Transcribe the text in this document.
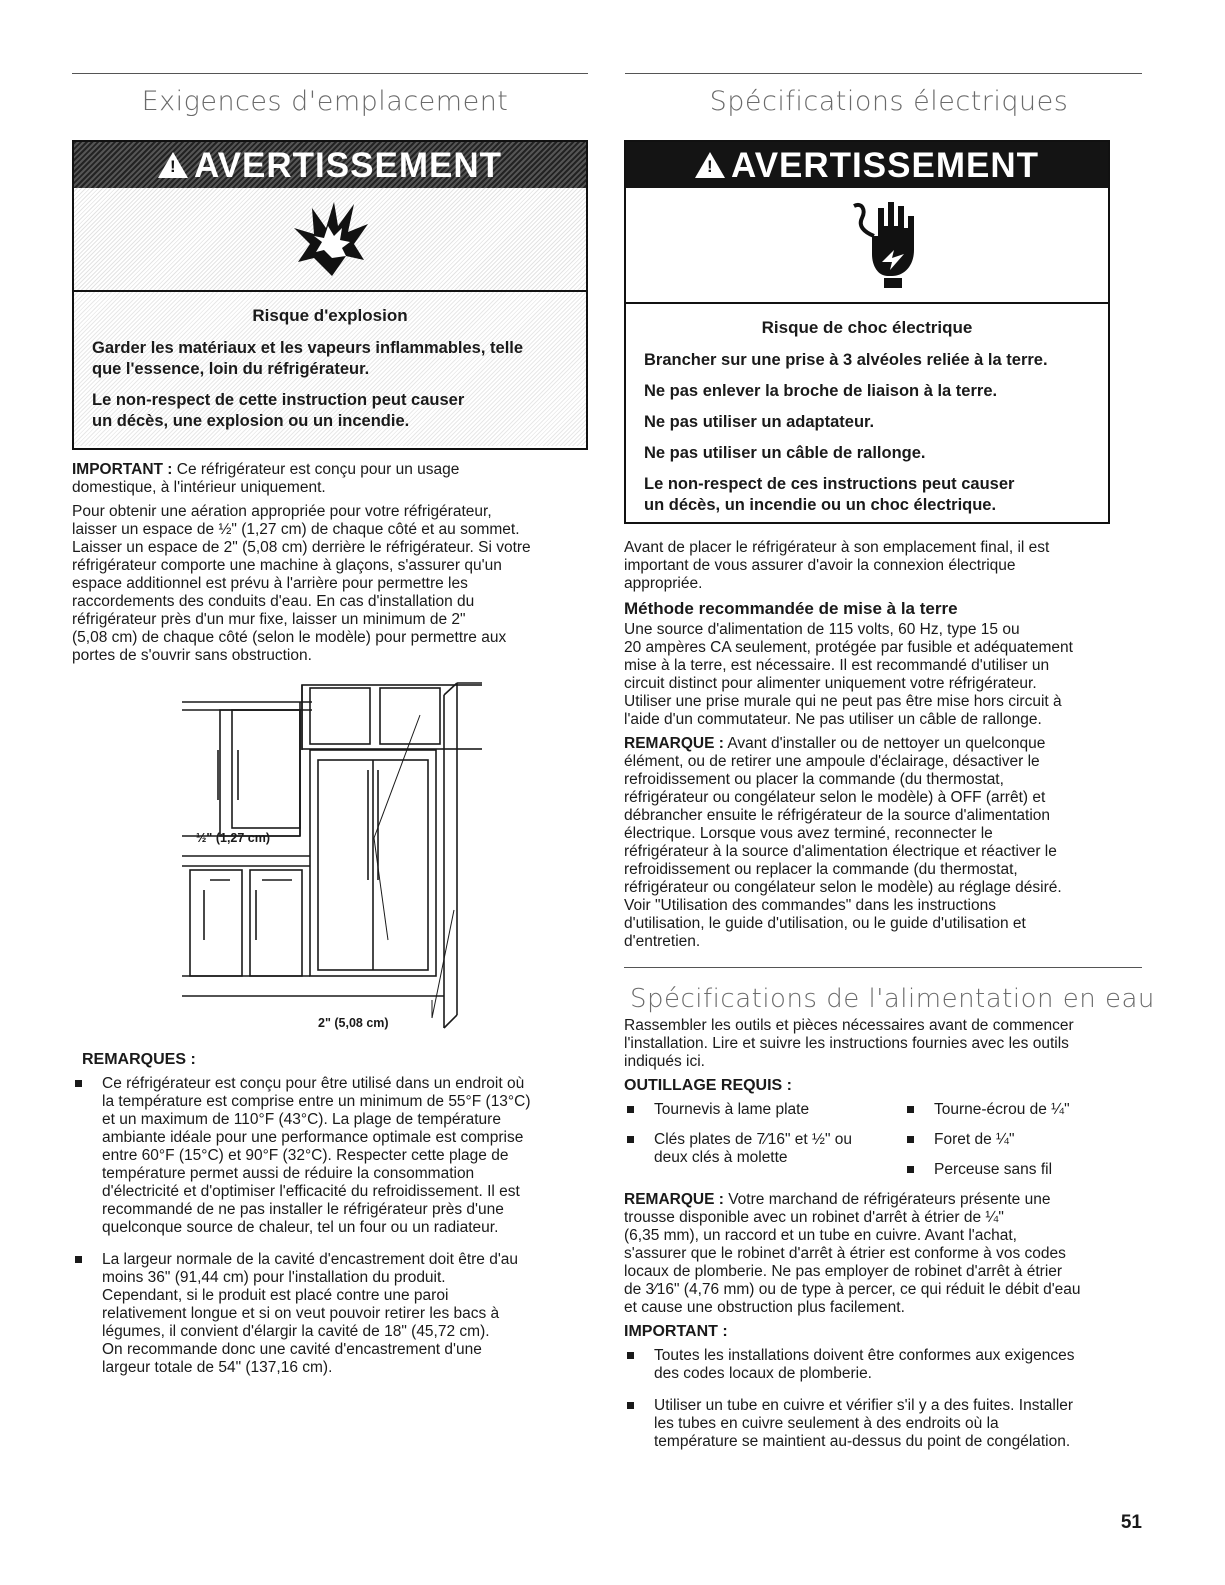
Exigences d'emplacement
!AVERTISSEMENT
Risque d'explosion
Garder les matériaux et les vapeurs inflammables, telle
que l'essence, loin du réfrigérateur.
Le non-respect de cette instruction peut causer
un décès, une explosion ou un incendie.

IMPORTANT : Ce réfrigérateur est conçu pour un usage
domestique, à l'intérieur uniquement.

Pour obtenir une aération appropriée pour votre réfrigérateur,
laisser un espace de ½" (1,27 cm) de chaque côté et au sommet.
Laisser un espace de 2" (5,08 cm) derrière le réfrigérateur. Si votre
réfrigérateur comporte une machine à glaçons, s'assurer qu'un
espace additionnel est prévu à l'arrière pour permettre les
raccordements des conduits d'eau. En cas d'installation du
réfrigérateur près d'un mur fixe, laisser un minimum de 2"
(5,08 cm) de chaque côté (selon le modèle) pour permettre aux
portes de s'ouvrir sans obstruction.

½" (1,27 cm)
2" (5,08 cm)
REMARQUES :
Ce réfrigérateur est conçu pour être utilisé dans un endroit où
la température est comprise entre un minimum de 55°F (13°C)
et un maximum de 110°F (43°C). La plage de température
ambiante idéale pour une performance optimale est comprise
entre 60°F (15°C) et 90°F (32°C). Respecter cette plage de
température permet aussi de réduire la consommation
d'électricité et d'optimiser l'efficacité du refroidissement. Il est
recommandé de ne pas installer le réfrigérateur près d'une
quelconque source de chaleur, tel un four ou un radiateur.
La largeur normale de la cavité d'encastrement doit être d'au
moins 36" (91,44 cm) pour l'installation du produit.
Cependant, si le produit est placé contre une paroi
relativement longue et si on veut pouvoir retirer les bacs à
légumes, il convient d'élargir la cavité de 18" (45,72 cm).
On recommande donc une cavité d'encastrement d'une
largeur totale de 54" (137,16 cm).
Spécifications électriques
!AVERTISSEMENT
Risque de choc électrique
Brancher sur une prise à 3 alvéoles reliée à la terre.
Ne pas enlever la broche de liaison à la terre.
Ne pas utiliser un adaptateur.
Ne pas utiliser un câble de rallonge.
Le non-respect de ces instructions peut causer
un décès, un incendie ou un choc électrique.

Avant de placer le réfrigérateur à son emplacement final, il est
important de vous assurer d'avoir la connexion électrique
appropriée.

Méthode recommandée de mise à la terre

Une source d'alimentation de 115 volts, 60 Hz, type 15 ou
20 ampères CA seulement, protégée par fusible et adéquatement
mise à la terre, est nécessaire. Il est recommandé d'utiliser un
circuit distinct pour alimenter uniquement votre réfrigérateur.
Utiliser une prise murale qui ne peut pas être mise hors circuit à
l'aide d'un commutateur. Ne pas utiliser un câble de rallonge.

REMARQUE : Avant d'installer ou de nettoyer un quelconque
élément, ou de retirer une ampoule d'éclairage, désactiver le
refroidissement ou placer la commande (du thermostat,
réfrigérateur ou congélateur selon le modèle) à OFF (arrêt) et
débrancher ensuite le réfrigérateur de la source d'alimentation
électrique. Lorsque vous avez terminé, reconnecter le
réfrigérateur à la source d'alimentation électrique et réactiver le
refroidissement ou replacer la commande (du thermostat,
réfrigérateur ou congélateur selon le modèle) au réglage désiré.
Voir "Utilisation des commandes" dans les instructions
d'utilisation, le guide d'utilisation, ou le guide d'utilisation et
d'entretien.

Spécifications de l'alimentation en eau

Rassembler les outils et pièces nécessaires avant de commencer
l'installation. Lire et suivre les instructions fournies avec les outils
indiqués ici.

OUTILLAGE REQUIS :
Tournevis à lame plate
Clés plates de 7⁄16" et ½" ou
deux clés à molette
Tourne-écrou de ¼"
Foret de ¼"
Perceuse sans fil

REMARQUE : Votre marchand de réfrigérateurs présente une
trousse disponible avec un robinet d'arrêt à étrier de ¼"
(6,35 mm), un raccord et un tube en cuivre. Avant l'achat,
s'assurer que le robinet d'arrêt à étrier est conforme à vos codes
locaux de plomberie. Ne pas employer de robinet d'arrêt à étrier
de 3⁄16" (4,76 mm) ou de type à percer, ce qui réduit le débit d'eau
et cause une obstruction plus facilement.

IMPORTANT :
Toutes les installations doivent être conformes aux exigences
des codes locaux de plomberie.
Utiliser un tube en cuivre et vérifier s'il y a des fuites. Installer
les tubes en cuivre seulement à des endroits où la
température se maintient au-dessus du point de congélation.
51
